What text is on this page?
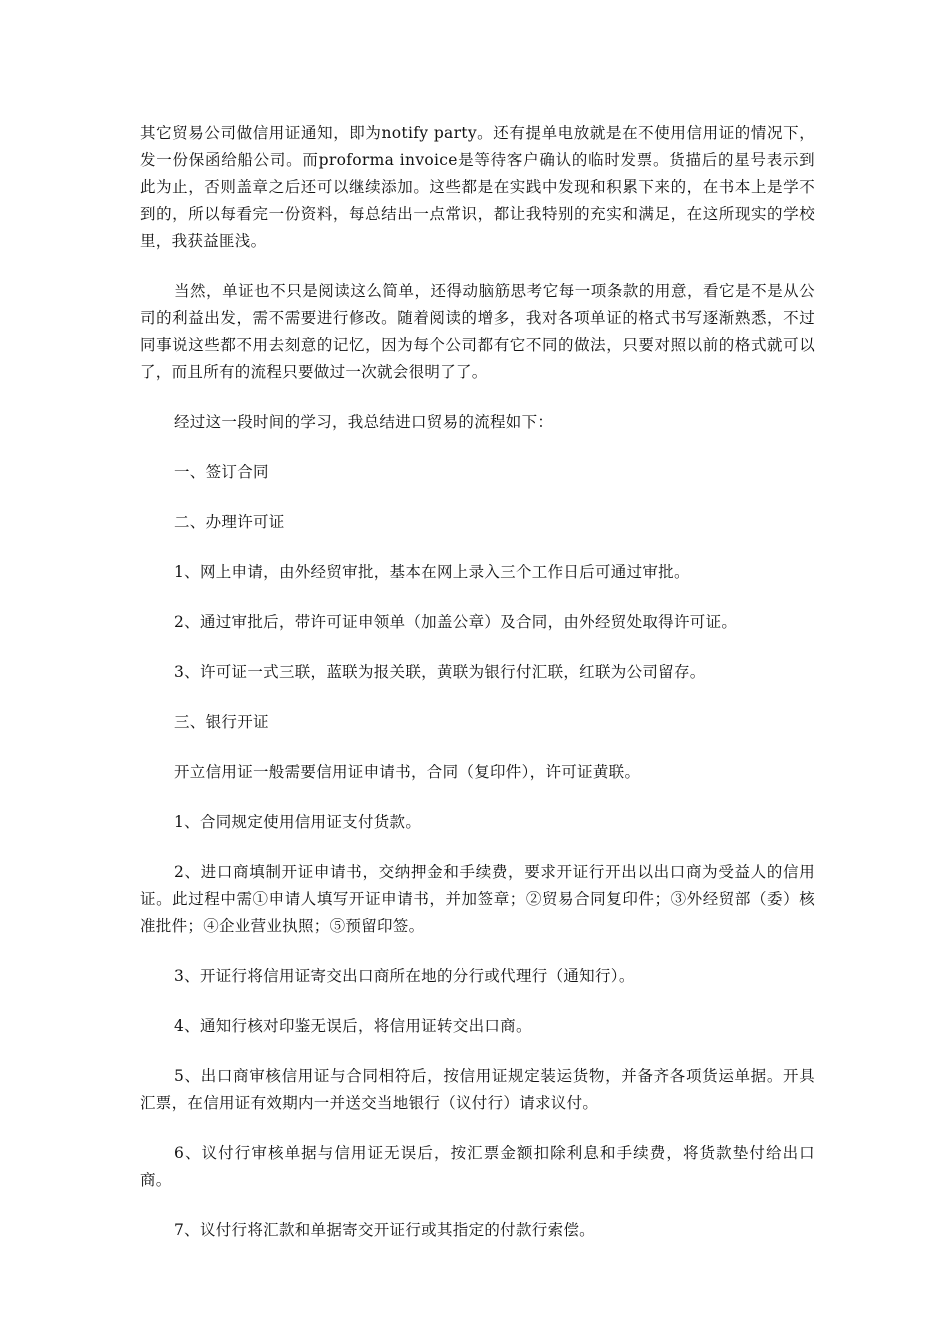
其它贸易公司做信用证通知，即为notify party。还有提单电放就是在不使用信用证的情况下，发一份保函给船公司。而proforma invoice是等待客户确认的临时发票。货描后的星号表示到此为止，否则盖章之后还可以继续添加。这些都是在实践中发现和积累下来的，在书本上是学不到的，所以每看完一份资料，每总结出一点常识，都让我特别的充实和满足，在这所现实的学校里，我获益匪浅。

当然，单证也不只是阅读这么简单，还得动脑筋思考它每一项条款的用意，看它是不是从公司的利益出发，需不需要进行修改。随着阅读的增多，我对各项单证的格式书写逐渐熟悉，不过同事说这些都不用去刻意的记忆，因为每个公司都有它不同的做法，只要对照以前的格式就可以了，而且所有的流程只要做过一次就会很明了了。

经过这一段时间的学习，我总结进口贸易的流程如下：

一、签订合同

二、办理许可证

1、网上申请，由外经贸审批，基本在网上录入三个工作日后可通过审批。

2、通过审批后，带许可证申领单（加盖公章）及合同，由外经贸处取得许可证。

3、许可证一式三联，蓝联为报关联，黄联为银行付汇联，红联为公司留存。

三、银行开证

开立信用证一般需要信用证申请书，合同（复印件），许可证黄联。

1、合同规定使用信用证支付货款。

2、进口商填制开证申请书，交纳押金和手续费，要求开证行开出以出口商为受益人的信用证。此过程中需①申请人填写开证申请书，并加签章；②贸易合同复印件；③外经贸部（委）核准批件；④企业营业执照；⑤预留印签。

3、开证行将信用证寄交出口商所在地的分行或代理行（通知行）。

4、通知行核对印鉴无误后，将信用证转交出口商。

5、出口商审核信用证与合同相符后，按信用证规定装运货物，并备齐各项货运单据。开具汇票，在信用证有效期内一并送交当地银行（议付行）请求议付。

6、议付行审核单据与信用证无误后，按汇票金额扣除利息和手续费，将货款垫付给出口商。

7、议付行将汇款和单据寄交开证行或其指定的付款行索偿。
